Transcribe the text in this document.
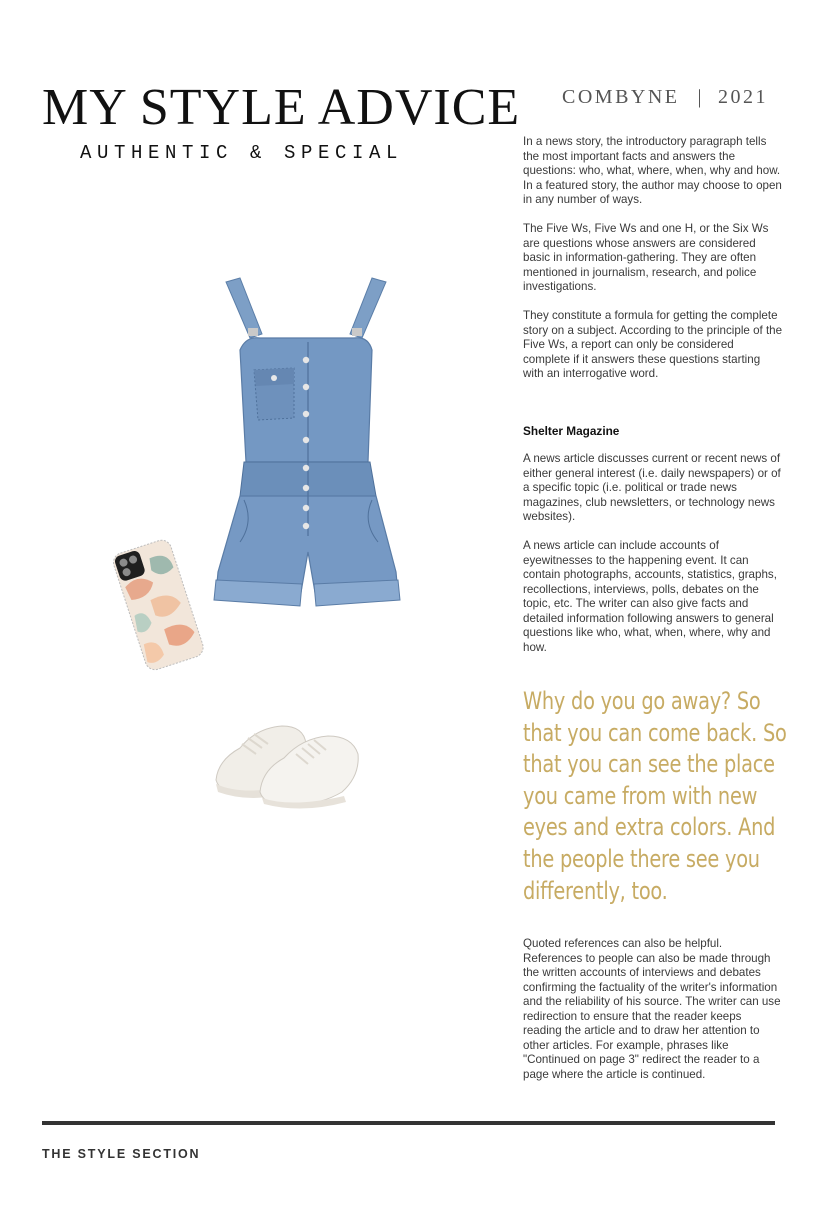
MY STYLE ADVICE
AUTHENTIC & SPECIAL
COMBYNE | 2021

In a news story, the introductory paragraph tells the most important facts and answers the questions: who, what, where, when, why and how. In a featured story, the author may choose to open in any number of ways.

The Five Ws, Five Ws and one H, or the Six Ws are questions whose answers are considered basic in information-gathering. They are often mentioned in journalism, research, and police investigations.

They constitute a formula for getting the complete story on a subject. According to the principle of the Five Ws, a report can only be considered complete if it answers these questions starting with an interrogative word.

Shelter Magazine

A news article discusses current or recent news of either general interest (i.e. daily newspapers) or of a specific topic (i.e. political or trade news magazines, club newsletters, or technology news websites).

A news article can include accounts of eyewitnesses to the happening event. It can contain photographs, accounts, statistics, graphs, recollections, interviews, polls, debates on the topic, etc. The writer can also give facts and detailed information following answers to general questions like who, what, when, where, why and how.

Why do you go away? So that you can come back. So that you can see the place you came from with new eyes and extra colors. And the people there see you differently, too.

Quoted references can also be helpful. References to people can also be made through the written accounts of interviews and debates confirming the factuality of the writer's information and the reliability of his source. The writer can use redirection to ensure that the reader keeps reading the article and to draw her attention to other articles. For example, phrases like "Continued on page 3" redirect the reader to a page where the article is continued.

THE STYLE SECTION
